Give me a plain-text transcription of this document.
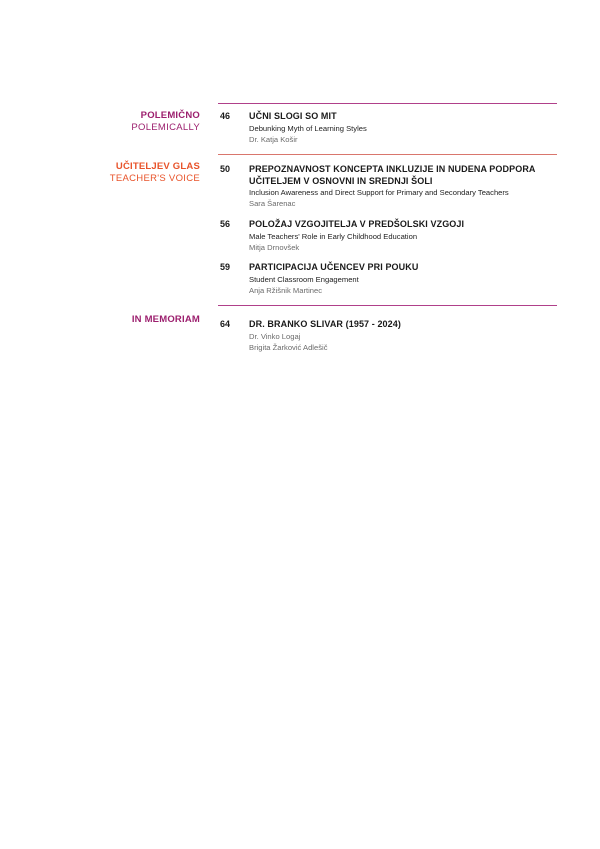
POLEMIČNO
POLEMICALLY
46	UČNI SLOGI SO MIT
Debunking Myth of Learning Styles
Dr. Katja Košir
UČITELJEV GLAS
TEACHER'S VOICE
50	PREPOZNAVNOST KONCEPTA INKLUZIJE IN NUDENA PODPORA
UČITELJEM V OSNOVNI IN SREDNJI ŠOLI
Inclusion Awareness and Direct Support for Primary and Secondary Teachers
Sara Šarenac
56	POLOŽAJ VZGOJITELJA V PREDŠOLSKI VZGOJI
Male Teachers' Role in Early Childhood Education
Mitja Drnovšek
59	PARTICIPACIJA UČENCEV PRI POUKU
Student Classroom Engagement
Anja Ržišnik Martinec
IN MEMORIAM 64	DR. BRANKO SLIVAR (1957 - 2024)
Dr. Vinko Logaj
Brigita Žarković Adlešič
